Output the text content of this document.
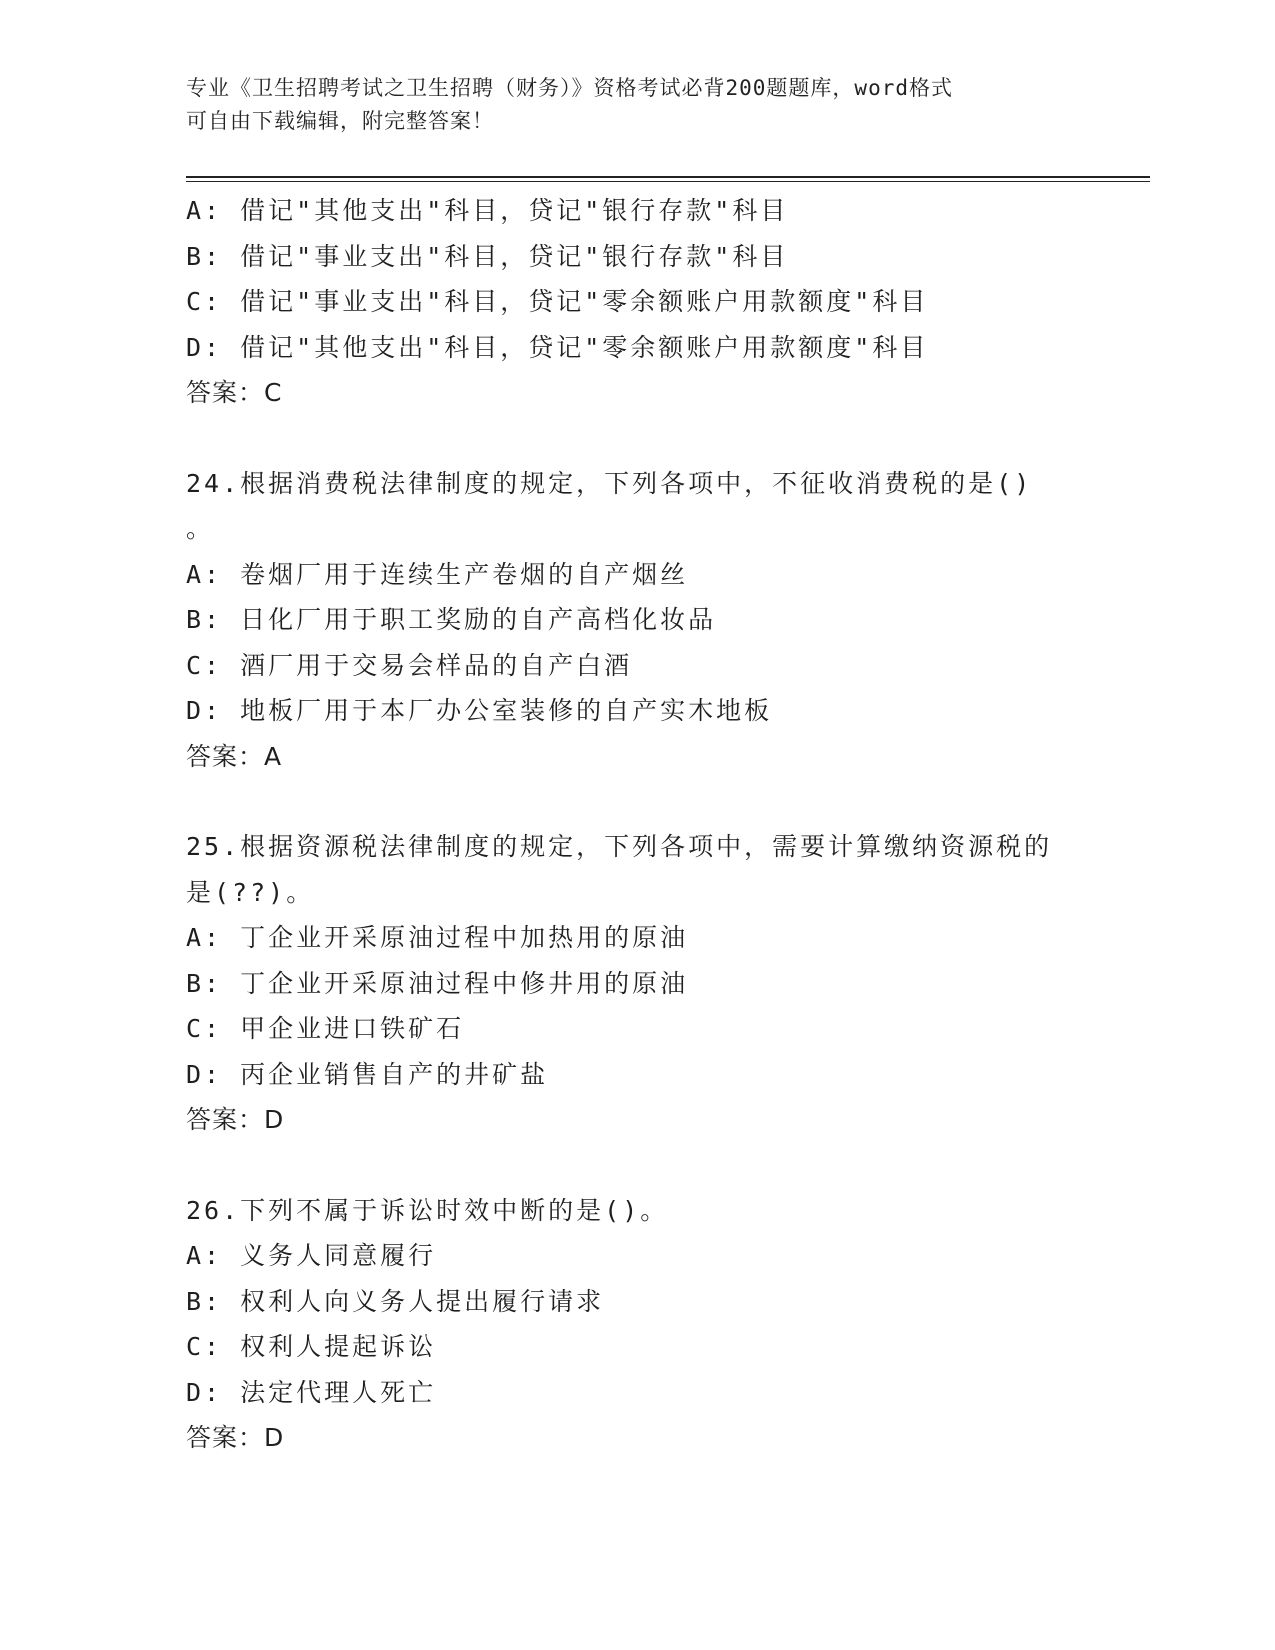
专业《卫生招聘考试之卫生招聘（财务）》资格考试必背200题题库，word格式
可自由下载编辑，附完整答案！
A: 借记"其他支出"科目，贷记"银行存款"科目
B: 借记"事业支出"科目，贷记"银行存款"科目
C: 借记"事业支出"科目，贷记"零余额账户用款额度"科目
D: 借记"其他支出"科目，贷记"零余额账户用款额度"科目
答案：C
24.根据消费税法律制度的规定，下列各项中，不征收消费税的是()
。
A: 卷烟厂用于连续生产卷烟的自产烟丝
B: 日化厂用于职工奖励的自产高档化妆品
C: 酒厂用于交易会样品的自产白酒
D: 地板厂用于本厂办公室装修的自产实木地板
答案：A
25.根据资源税法律制度的规定，下列各项中，需要计算缴纳资源税的
是(??)。
A: 丁企业开采原油过程中加热用的原油
B: 丁企业开采原油过程中修井用的原油
C: 甲企业进口铁矿石
D: 丙企业销售自产的井矿盐
答案：D
26.下列不属于诉讼时效中断的是()。
A: 义务人同意履行
B: 权利人向义务人提出履行请求
C: 权利人提起诉讼
D: 法定代理人死亡
答案：D
